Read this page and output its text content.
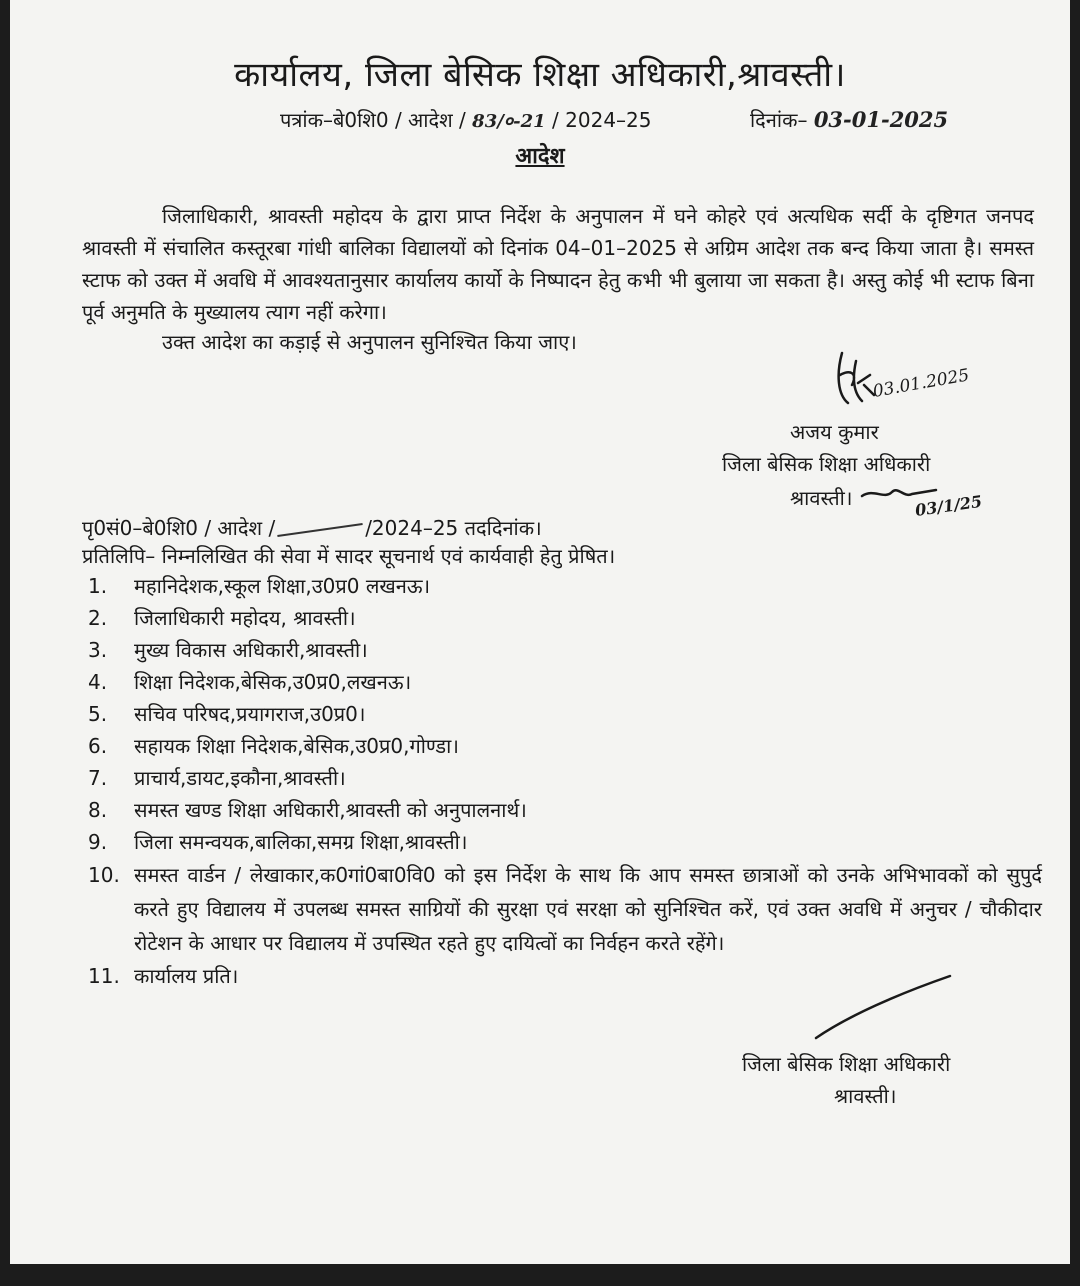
कार्यालय, जिला बेसिक शिक्षा अधिकारी,श्रावस्ती।
पत्रांक–बे0शि0 / आदेश / 83/०-21 / 2024–25	दिनांक– 03-01-2025
आदेश

जिलाधिकारी, श्रावस्ती महोदय के द्वारा प्राप्त निर्देश के अनुपालन में घने कोहरे एवं अत्यधिक सर्दी के दृष्टिगत जनपद श्रावस्ती में संचालित कस्तूरबा गांधी बालिका विद्यालयों को दिनांक 04–01–2025 से अग्रिम आदेश तक बन्द किया जाता है। समस्त स्टाफ को उक्त में अवधि में आवश्यतानुसार कार्यालय कार्यो के निष्पादन हेतु कभी भी बुलाया जा सकता है। अस्तु कोई भी स्टाफ बिना पूर्व अनुमति के मुख्यालय त्याग नहीं करेगा।

उक्त आदेश का कड़ाई से अनुपालन सुनिश्चित किया जाए।

03.01.2025
अजय कुमार
जिला बेसिक शिक्षा अधिकारी
श्रावस्ती।	03/1/25
पृ0सं0–बे0शि0 / आदेश /	/2024–25 तददिनांक।
प्रतिलिपि– निम्नलिखित की सेवा में सादर सूचनार्थ एवं कार्यवाही हेतु प्रेषित।
1.	महानिदेशक,स्कूल शिक्षा,उ0प्र0 लखनऊ।
2.	जिलाधिकारी महोदय, श्रावस्ती।
3.	मुख्य विकास अधिकारी,श्रावस्ती।
4.	शिक्षा निदेशक,बेसिक,उ0प्र0,लखनऊ।
5.	सचिव परिषद,प्रयागराज,उ0प्र0।
6.	सहायक शिक्षा निदेशक,बेसिक,उ0प्र0,गोण्डा।
7.	प्राचार्य,डायट,इकौना,श्रावस्ती।
8.	समस्त खण्ड शिक्षा अधिकारी,श्रावस्ती को अनुपालनार्थ।
9.	जिला समन्वयक,बालिका,समग्र शिक्षा,श्रावस्ती।
10. समस्त वार्डन / लेखाकार,क0गां0बा0वि0 को इस निर्देश के साथ कि आप समस्त छात्राओं को उनके अभिभावकों को सुपुर्द करते हुए विद्यालय में उपलब्ध समस्त साग्रियों की सुरक्षा एवं सरक्षा को सुनिश्चित करें, एवं उक्त अवधि में अनुचर / चौकीदार रोटेशन के आधार पर विद्यालय में उपस्थित रहते हुए दायित्वों का निर्वहन करते रहेंगे।
11. कार्यालय प्रति।
जिला बेसिक शिक्षा अधिकारी
श्रावस्ती।
